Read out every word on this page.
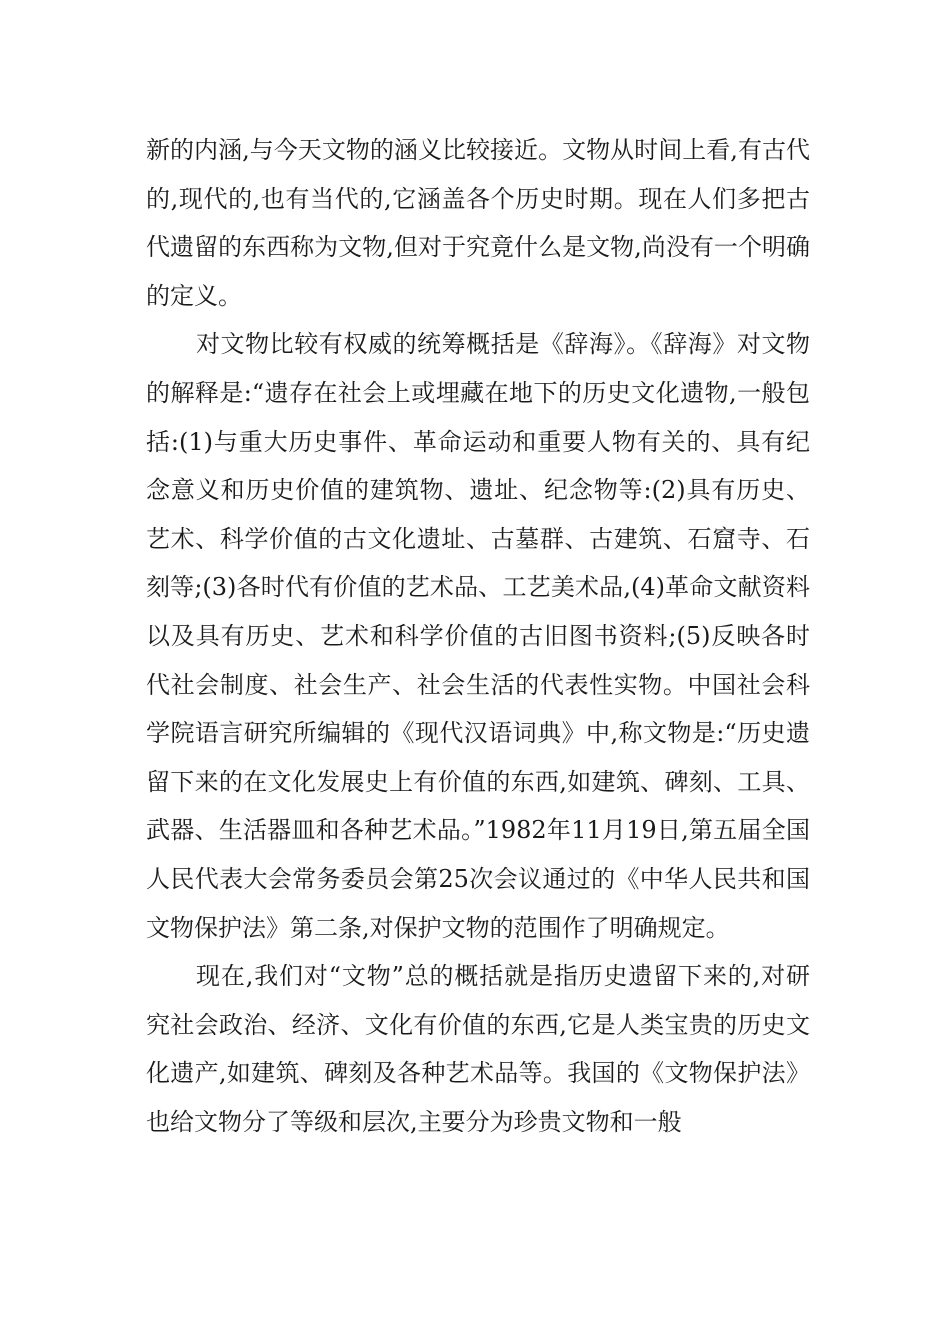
新的内涵,与今天文物的涵义比较接近。文物从时间上看,有古代的,现代的,也有当代的,它涵盖各个历史时期。现在人们多把古代遗留的东西称为文物,但对于究竟什么是文物,尚没有一个明确的定义。

对文物比较有权威的统筹概括是《辞海》。《辞海》对文物的解释是:“遗存在社会上或埋藏在地下的历史文化遗物,一般包括:(1)与重大历史事件、革命运动和重要人物有关的、具有纪念意义和历史价值的建筑物、遗址、纪念物等:(2)具有历史、艺术、科学价值的古文化遗址、古墓群、古建筑、石窟寺、石刻等;(3)各时代有价值的艺术品、工艺美术品,(4)革命文献资料以及具有历史、艺术和科学价值的古旧图书资料;(5)反映各时代社会制度、社会生产、社会生活的代表性实物。中国社会科学院语言研究所编辑的《现代汉语词典》中,称文物是:“历史遗留下来的在文化发展史上有价值的东西,如建筑、碑刻、工具、武器、生活器皿和各种艺术品。”1982年11月19日,第五届全国人民代表大会常务委员会第25次会议通过的《中华人民共和国文物保护法》第二条,对保护文物的范围作了明确规定。

现在,我们对“文物”总的概括就是指历史遗留下来的,对研究社会政治、经济、文化有价值的东西,它是人类宝贵的历史文化遗产,如建筑、碑刻及各种艺术品等。我国的《文物保护法》也给文物分了等级和层次,主要分为珍贵文物和一般
